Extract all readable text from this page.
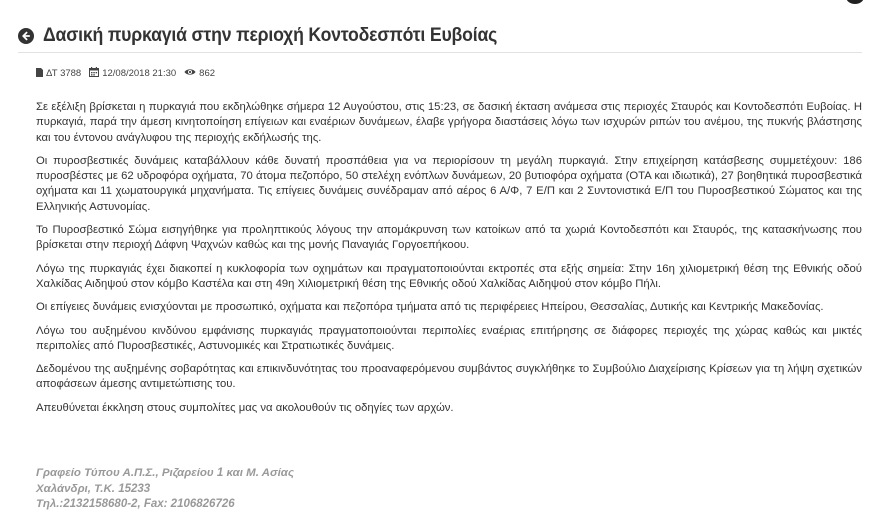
Δασική πυρκαγιά στην περιοχή Κοντοδεσπότι Ευβοίας
ΔΤ 3788 12/08/2018 21:30 862

Σε εξέλιξη βρίσκεται η πυρκαγιά που εκδηλώθηκε σήμερα 12 Αυγούστου, στις 15:23, σε δασική έκταση ανάμεσα στις περιοχές Σταυρός και Κοντοδεσπότι Ευβοίας. Η πυρκαγιά, παρά την άμεση κινητοποίηση επίγειων και εναέριων δυνάμεων, έλαβε γρήγορα διαστάσεις λόγω των ισχυρών ριπών του ανέμου, της πυκνής βλάστησης και του έντονου ανάγλυφου της περιοχής εκδήλωσής της.

Οι πυροσβεστικές δυνάμεις καταβάλλουν κάθε δυνατή προσπάθεια για να περιορίσουν τη μεγάλη πυρκαγιά. Στην επιχείρηση κατάσβεσης συμμετέχουν: 186 πυροσβέστες με 62 υδροφόρα οχήματα, 70 άτομα πεζοπόρο, 50 στελέχη ενόπλων δυνάμεων, 20 βυτιοφόρα οχήματα (ΟΤΑ και ιδιωτικά), 27 βοηθητικά πυροσβεστικά οχήματα και 11 χωματουργικά μηχανήματα. Τις επίγειες δυνάμεις συνέδραμαν από αέρος 6 Α/Φ, 7 Ε/Π και 2 Συντονιστικά Ε/Π του Πυροσβεστικού Σώματος και της Ελληνικής Αστυνομίας.

Το Πυροσβεστικό Σώμα εισηγήθηκε για προληπτικούς λόγους την απομάκρυνση των κατοίκων από τα χωριά Κοντοδεσπότι και Σταυρός, της κατασκήνωσης που βρίσκεται στην περιοχή Δάφνη Ψαχνών καθώς και της μονής Παναγιάς Γοργοεπήκοου.

Λόγω της πυρκαγιάς έχει διακοπεί η κυκλοφορία των οχημάτων και πραγματοποιούνται εκτροπές στα εξής σημεία: Στην 16η χιλιομετρική θέση της Εθνικής οδού Χαλκίδας Αιδηψού στον κόμβο Καστέλα και στη 49η Χιλιομετρική θέση της Εθνικής οδού Χαλκίδας Αιδηψού στον κόμβο Πήλι.

Οι επίγειες δυνάμεις ενισχύονται με προσωπικό, οχήματα και πεζοπόρα τμήματα από τις περιφέρειες Ηπείρου, Θεσσαλίας, Δυτικής και Κεντρικής Μακεδονίας.

Λόγω του αυξημένου κινδύνου εμφάνισης πυρκαγιάς πραγματοποιούνται περιπολίες εναέριας επιτήρησης σε διάφορες περιοχές της χώρας καθώς και μικτές περιπολίες από Πυροσβεστικές, Αστυνομικές και Στρατιωτικές δυνάμεις.

Δεδομένου της αυξημένης σοβαρότητας και επικινδυνότητας του προαναφερόμενου συμβάντος συγκλήθηκε το Συμβούλιο Διαχείρισης Κρίσεων για τη λήψη σχετικών αποφάσεων άμεσης αντιμετώπισης του.

Απευθύνεται έκκληση στους συμπολίτες μας να ακολουθούν τις οδηγίες των αρχών.

Γραφείο Τύπου Α.Π.Σ., Ριζαρείου 1 και Μ. Ασίας
Χαλάνδρι, Τ.Κ. 15233
Τηλ.:2132158680-2, Fax: 2106826726
